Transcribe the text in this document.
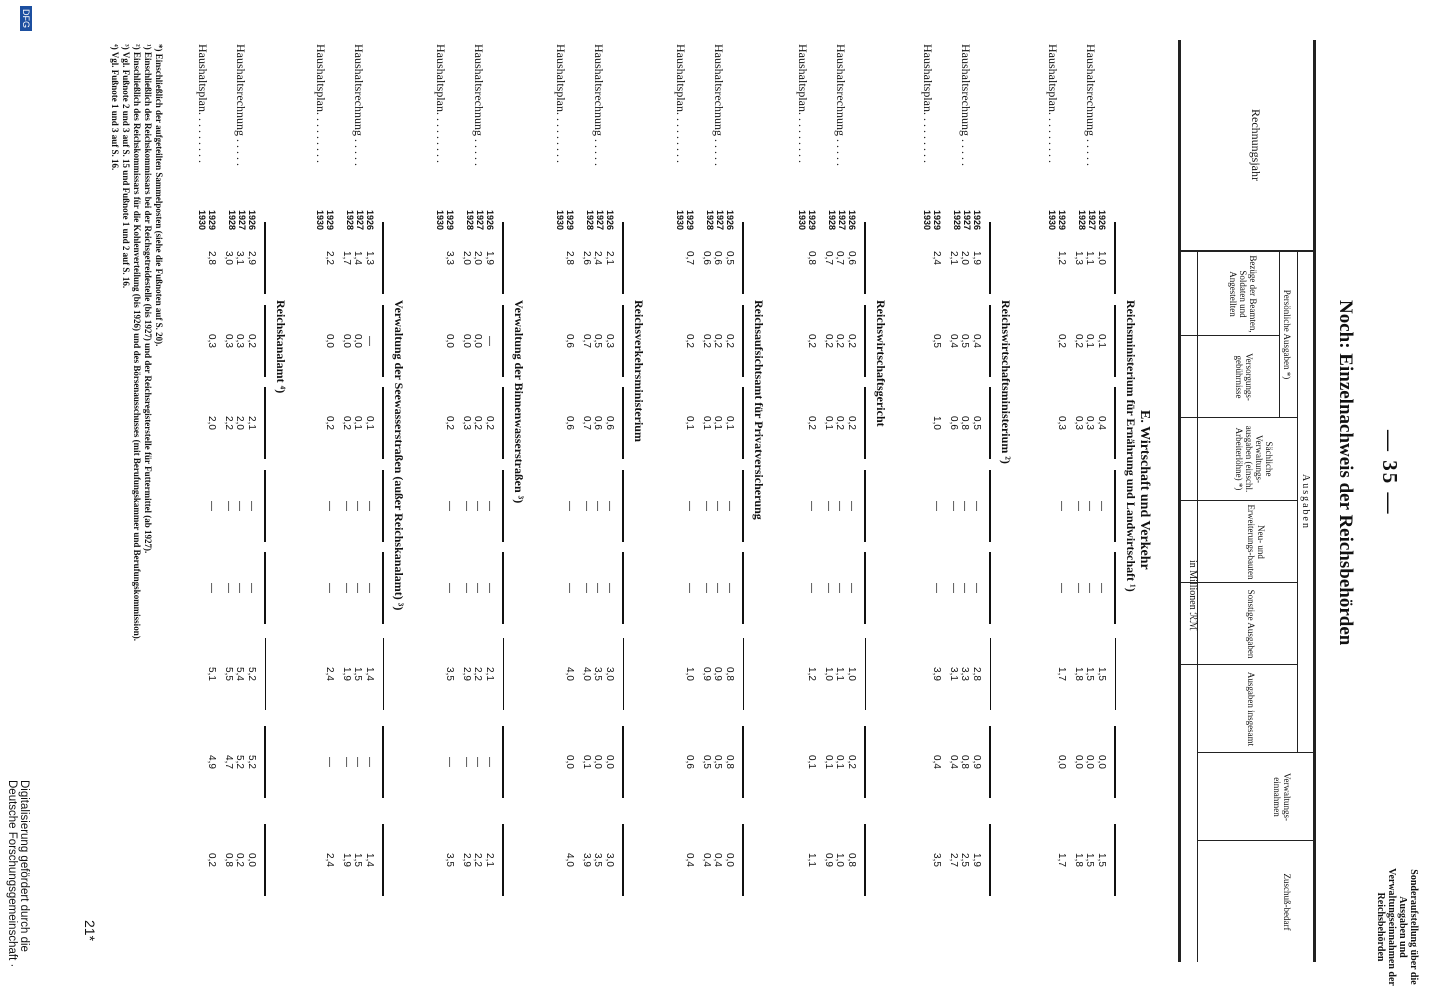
— 35 —
Noch: Einzelnachweis der Reichsbehörden
Sonderaufstellung über die Ausgaben und Verwaltungseinnahmen der Reichsbehörden
Rechnungsjahr
Ausgaben
Persönliche Ausgaben *)
Bezüge der Beamten, Soldaten und Angestellten
Versorgungs-gebührnisse
Sächliche Verwaltungs-ausgaben (einschl. Arbeiterlöhne) *)
Neu- und Erweiterungs-bauten
Sonstige Ausgaben
Ausgaben insgesamt
Verwaltungs-einnahmen
Zuschuß-bedarf
in Millionen ℛℳ
E. Wirtschaft und Verkehr
Reichsministerium für Ernährung und Landwirtschaft ¹)
Haushaltsrechnung . . . . .
Haushaltsplan. . . . . . . . .
1926
1927
1928
1929
1930
1,0
1,1
1,3
1,2
0,1
0,1
0,2
0,2
0,4
0,3
0,3
0,3
—
—
—
—
—
—
—
—
1,5
1,5
1,8
1,7
0,0
0,0
0,0
0,0
1,5
1,5
1,8
1,7
Reichswirtschaftsministerium ²)
Haushaltsrechnung . . . . .
Haushaltsplan. . . . . . . . .
1926
1927
1928
1929
1930
1,9
2,0
2,1
2,4
0,4
0,5
0,4
0,5
0,5
0,8
0,6
1,0
—
—
—
—
—
—
—
—
2,8
3,3
3,1
3,9
0,9
0,8
0,4
0,4
1,9
2,5
2,7
3,5
Reichswirtschaftsgericht
Haushaltsrechnung . . . . .
Haushaltsplan. . . . . . . . .
1926
1927
1928
1929
1930
0,6
0,7
0,7
0,8
0,2
0,2
0,2
0,2
0,2
0,2
0,1
0,2
—
—
—
—
—
—
—
—
1,0
1,1
1,0
1,2
0,2
0,1
0,1
0,1
0,8
1,0
0,9
1,1
Reichsaufsichtsamt für Privatversicherung
Haushaltsrechnung . . . . .
Haushaltsplan. . . . . . . . .
1926
1927
1928
1929
1930
0,5
0,6
0,6
0,7
0,2
0,2
0,2
0,2
0,1
0,1
0,1
0,1
—
—
—
—
—
—
—
—
0,8
0,9
0,9
1,0
0,8
0,5
0,5
0,6
0,0
0,4
0,4
0,4
Reichsverkehrsministerium
Haushaltsrechnung . . . . .
Haushaltsplan. . . . . . . . .
1926
1927
1928
1929
1930
2,1
2,4
2,6
2,8
0,3
0,5
0,7
0,6
0,6
0,6
0,7
0,6
—
—
—
—
—
—
—
—
3,0
3,5
4,0
4,0
0,0
0,0
0,1
0,0
3,0
3,5
3,9
4,0
Verwaltung der Binnenwasserstraßen ³)
Haushaltsrechnung . . . . .
Haushaltsplan. . . . . . . . .
1926
1927
1928
1929
1930
1,9
2,0
2,0
3,3
—
0,0
0,0
0,0
0,2
0,2
0,3
0,2
—
—
—
—
—
—
—
—
2,1
2,2
2,9
3,5
—
—
—
—
2,1
2,2
2,9
3,5
Verwaltung der Seewasserstraßen (außer Reichskanalamt) ³)
Haushaltsrechnung . . . . .
Haushaltsplan. . . . . . . . .
1926
1927
1928
1929
1930
1,3
1,4
1,7
2,2
—
0,0
0,0
0,0
0,1
0,1
0,2
0,2
—
—
—
—
—
—
—
—
1,4
1,5
1,9
2,4
—
—
—
—
1,4
1,5
1,9
2,4
Reichskanalamt ⁴)
Haushaltsrechnung . . . . .
Haushaltsplan. . . . . . . . .
1926
1927
1928
1929
1930
2,9
3,1
3,0
2,8
0,2
0,3
0,3
0,3
2,1
2,0
2,2
2,0
—
—
—
—
—
—
—
—
5,2
5,4
5,5
5,1
5,2
5,2
4,7
4,9
0,0
0,2
0,8
0,2
*) Einschließlich der aufgeteilten Sammelposten (siehe die Fußnoten auf S. 20).
¹) Einschließlich des Reichskommissars bei der Reichsgetreidestelle (bis 1927) und der Reichsregisterstelle für Futtermittel (ab 1927).
²) Einschließlich des Reichskommissars für die Kohlenverteilung (bis 1926) und des Börsenausschusses (mit Berufungskammer und Berufungskommission).
³) Vgl. Fußnote 2 und 3 auf S. 15 und Fußnote 1 und 2 auf S. 16.
⁴) Vgl. Fußnote 1 und 3 auf S. 16.
21*
Digitalisierung gefördert durch die Deutsche Forschungsgemeinschaft ·
DFG
